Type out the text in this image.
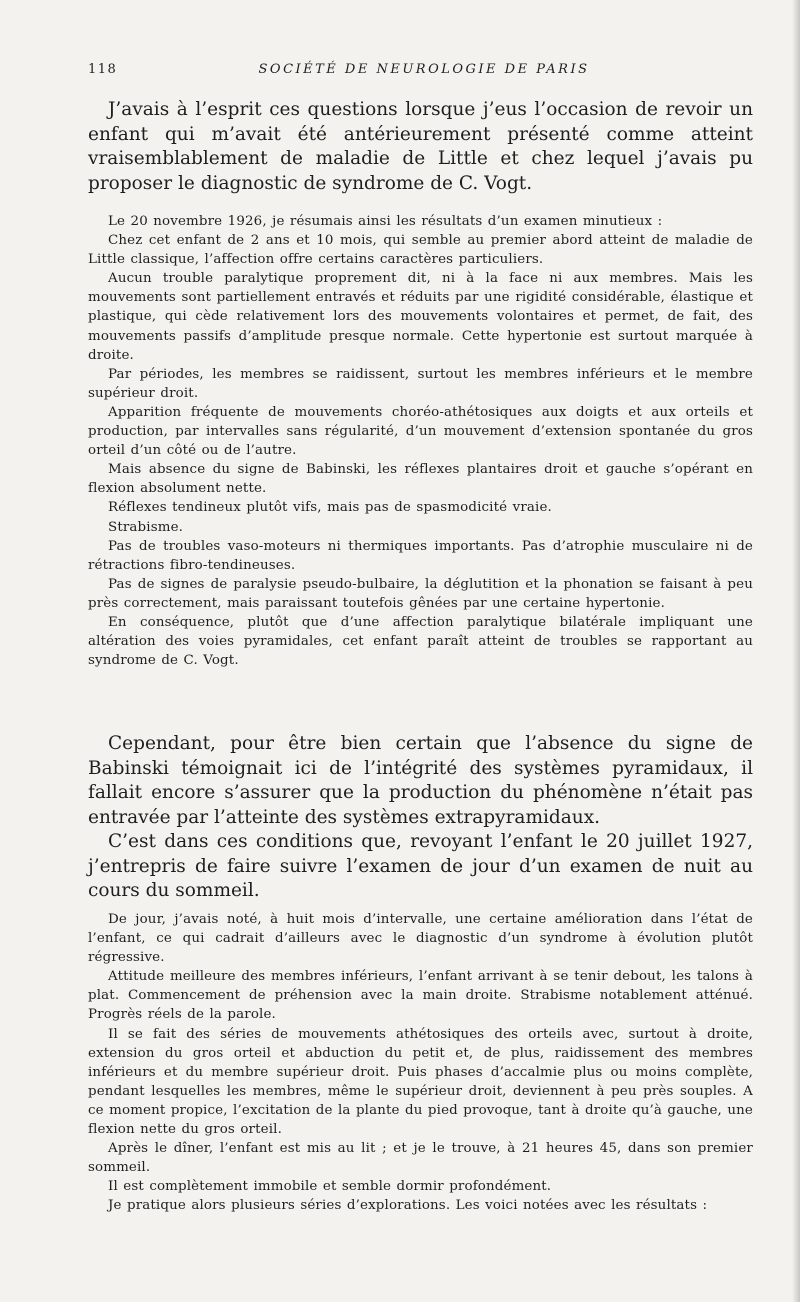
118	SOCIÉTÉ DE NEUROLOGIE DE PARIS

J’avais à l’esprit ces questions lorsque j’eus l’occasion de revoir un enfant qui m’avait été antérieurement présenté comme atteint vraisemblablement de maladie de Little et chez lequel j’avais pu proposer le diagnostic de syndrome de C. Vogt.

Le 20 novembre 1926, je résumais ainsi les résultats d’un examen minutieux :

Chez cet enfant de 2 ans et 10 mois, qui semble au premier abord atteint de maladie de Little classique, l’affection offre certains caractères particuliers.

Aucun trouble paralytique proprement dit, ni à la face ni aux membres. Mais les mouvements sont partiellement entravés et réduits par une rigidité considérable, élastique et plastique, qui cède relativement lors des mouvements volontaires et permet, de fait, des mouvements passifs d’amplitude presque normale. Cette hypertonie est surtout marquée à droite.

Par périodes, les membres se raidissent, surtout les membres inférieurs et le membre supérieur droit.

Apparition fréquente de mouvements choréo-athétosiques aux doigts et aux orteils et production, par intervalles sans régularité, d’un mouvement d’extension spontanée du gros orteil d’un côté ou de l’autre.

Mais absence du signe de Babinski, les réflexes plantaires droit et gauche s’opérant en flexion absolument nette.

Réflexes tendineux plutôt vifs, mais pas de spasmodicité vraie.

Strabisme.

Pas de troubles vaso-moteurs ni thermiques importants. Pas d’atrophie musculaire ni de rétractions fibro-tendineuses.

Pas de signes de paralysie pseudo-bulbaire, la déglutition et la phonation se faisant à peu près correctement, mais paraissant toutefois gênées par une certaine hypertonie.

En conséquence, plutôt que d’une affection paralytique bilatérale impliquant une altération des voies pyramidales, cet enfant paraît atteint de troubles se rapportant au syndrome de C. Vogt.

Cependant, pour être bien certain que l’absence du signe de Babinski témoignait ici de l’intégrité des systèmes pyramidaux, il fallait encore s’assurer que la production du phénomène n’était pas entravée par l’atteinte des systèmes extrapyramidaux.

C’est dans ces conditions que, revoyant l’enfant le 20 juillet 1927, j’entrepris de faire suivre l’examen de jour d’un examen de nuit au cours du sommeil.

De jour, j’avais noté, à huit mois d’intervalle, une certaine amélioration dans l’état de l’enfant, ce qui cadrait d’ailleurs avec le diagnostic d’un syndrome à évolution plutôt régressive.

Attitude meilleure des membres inférieurs, l’enfant arrivant à se tenir debout, les talons à plat. Commencement de préhension avec la main droite. Strabisme notablement atténué. Progrès réels de la parole.

Il se fait des séries de mouvements athétosiques des orteils avec, surtout à droite, extension du gros orteil et abduction du petit et, de plus, raidissement des membres inférieurs et du membre supérieur droit. Puis phases d’accalmie plus ou moins complète, pendant lesquelles les membres, même le supérieur droit, deviennent à peu près souples. A ce moment propice, l’excitation de la plante du pied provoque, tant à droite qu’à gauche, une flexion nette du gros orteil.

Après le dîner, l’enfant est mis au lit ; et je le trouve, à 21 heures 45, dans son premier sommeil.

Il est complètement immobile et semble dormir profondément.

Je pratique alors plusieurs séries d’explorations. Les voici notées avec les résultats :
